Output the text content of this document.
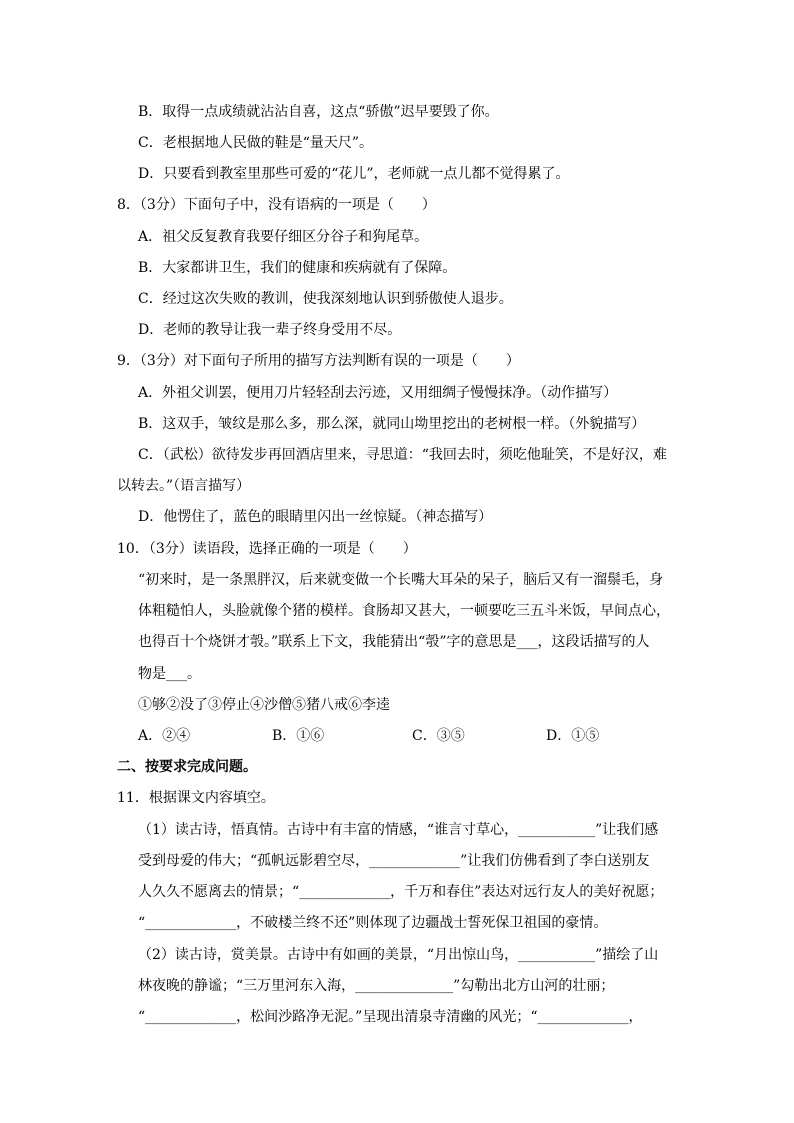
B．取得一点成绩就沾沾自喜，这点“骄傲”迟早要毁了你。
C．老根据地人民做的鞋是“量天尺”。
D．只要看到教室里那些可爱的“花儿”，老师就一点儿都不觉得累了。
8．（3分）下面句子中，没有语病的一项是（　　）
A．祖父反复教育我要仔细区分谷子和狗尾草。
B．大家都讲卫生，我们的健康和疾病就有了保障。
C．经过这次失败的教训，使我深刻地认识到骄傲使人退步。
D．老师的教导让我一辈子终身受用不尽。
9．（3分）对下面句子所用的描写方法判断有误的一项是（　　）
A．外祖父训罢，便用刀片轻轻刮去污迹，又用细绸子慢慢抹净。（动作描写）
B．这双手，皱纹是那么多，那么深，就同山坳里挖出的老树根一样。（外貌描写）
C．（武松）欲待发步再回酒店里来，寻思道：“我回去时，须吃他耻笑，不是好汉，难
以转去。”（语言描写）
D．他愣住了，蓝色的眼睛里闪出一丝惊疑。（神态描写）
10．（3分）读语段，选择正确的一项是（　　）
“初来时，是一条黑胖汉，后来就变做一个长嘴大耳朵的呆子，脑后又有一溜鬃毛，身
体粗糙怕人，头脸就像个猪的模样。食肠却又甚大，一顿要吃三五斗米饭，早间点心，
也得百十个烧饼才彀。”联系上下文，我能猜出“彀”字的意思是___，这段话描写的人
物是___。
①够②没了③停止④沙僧⑤猪八戒⑥李逵
A．②④	B．①⑥	C．③⑤	D．①⑤
二、按要求完成问题。
11．根据课文内容填空。
（1）读古诗，悟真情。古诗中有丰富的情感，“谁言寸草心，___________”让我们感
受到母爱的伟大；“孤帆远影碧空尽，_____________”让我们仿佛看到了李白送别友
人久久不愿离去的情景；“_____________，千万和春住”表达对远行友人的美好祝愿；
“_____________，不破楼兰终不还”则体现了边疆战士誓死保卫祖国的豪情。
（2）读古诗，赏美景。古诗中有如画的美景，“月出惊山鸟，___________”描绘了山
林夜晚的静谧；“三万里河东入海，______________”勾勒出北方山河的壮丽；
“_____________，松间沙路净无泥。”呈现出清泉寺清幽的风光；“_____________，
